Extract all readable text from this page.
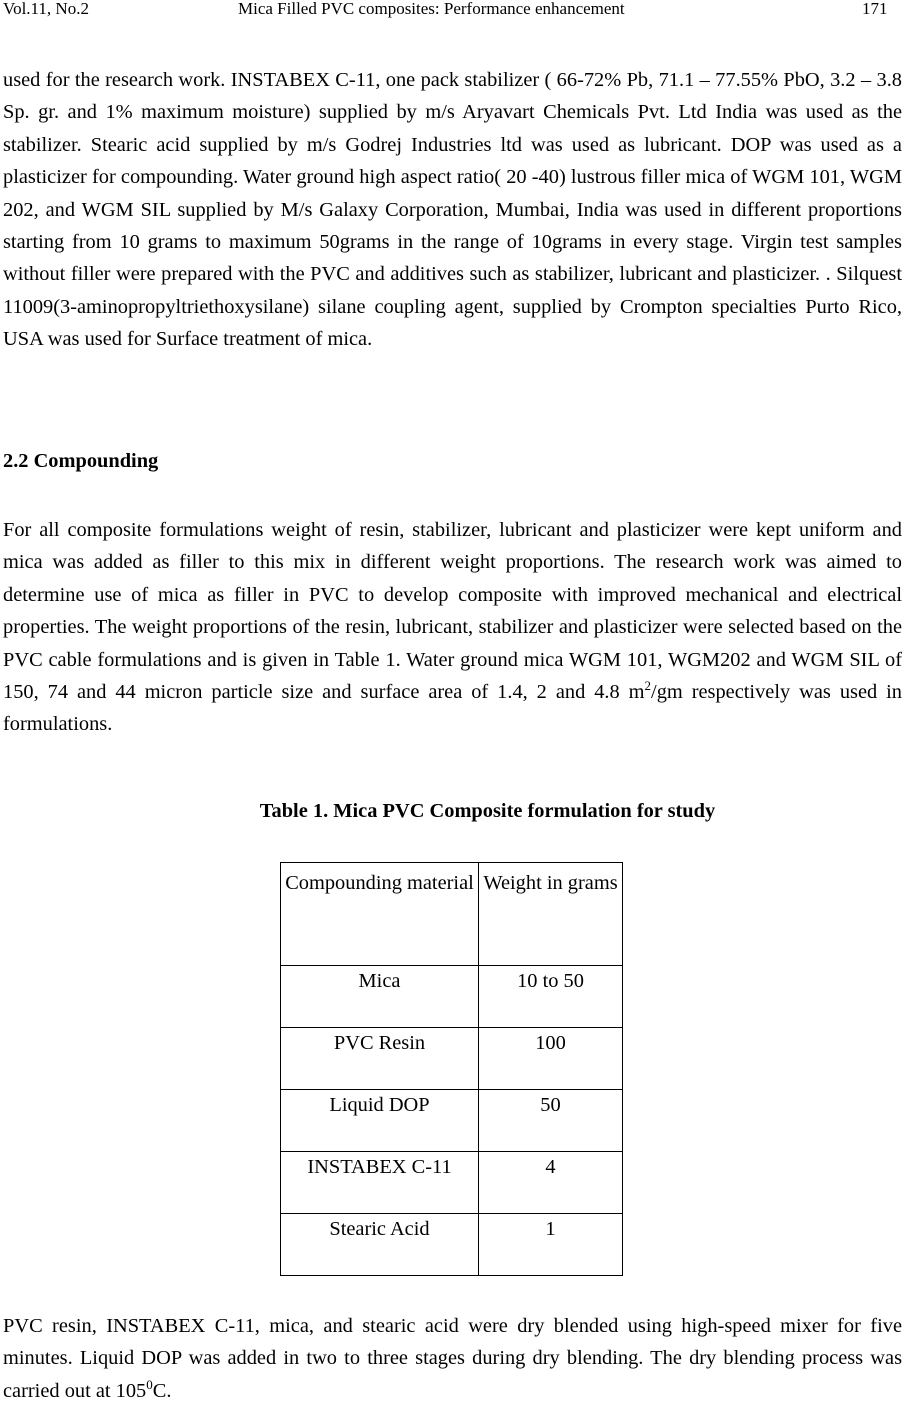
Vol.11, No.2	Mica Filled PVC composites: Performance enhancement	171

used for the research work. INSTABEX C-11, one pack stabilizer ( 66-72% Pb, 71.1 – 77.55% PbO, 3.2 – 3.8 Sp. gr. and 1% maximum moisture) supplied by m/s Aryavart Chemicals Pvt. Ltd India was used as the stabilizer. Stearic acid supplied by m/s Godrej Industries ltd was used as lubricant. DOP was used as a plasticizer for compounding. Water ground high aspect ratio( 20 -40) lustrous filler mica of WGM 101, WGM 202, and WGM SIL supplied by M/s Galaxy Corporation, Mumbai, India was used in different proportions starting from 10 grams to maximum 50grams in the range of 10grams in every stage. Virgin test samples without filler were prepared with the PVC and additives such as stabilizer, lubricant and plasticizer. . Silquest 11009(3-aminopropyltriethoxysilane) silane coupling agent, supplied by Crompton specialties Purto Rico, USA was used for Surface treatment of mica.

2.2 Compounding

For all composite formulations weight of resin, stabilizer, lubricant and plasticizer were kept uniform and mica was added as filler to this mix in different weight proportions. The research work was aimed to determine use of mica as filler in PVC to develop composite with improved mechanical and electrical properties. The weight proportions of the resin, lubricant, stabilizer and plasticizer were selected based on the PVC cable formulations and is given in Table 1. Water ground mica WGM 101, WGM202 and WGM SIL of 150, 74 and 44 micron particle size and surface area of 1.4, 2 and 4.8 $m^2/gm$ respectively was used in formulations.

Table 1. Mica PVC Composite formulation for study

Compounding material	Weight in grams
Mica	10 to 50
PVC Resin	100
Liquid DOP	50
INSTABEX C-11	4
Stearic Acid	1

PVC resin, INSTABEX C-11, mica, and stearic acid were dry blended using high-speed mixer for five minutes. Liquid DOP was added in two to three stages during dry blending. The dry blending process was carried out at $105^0C$.
